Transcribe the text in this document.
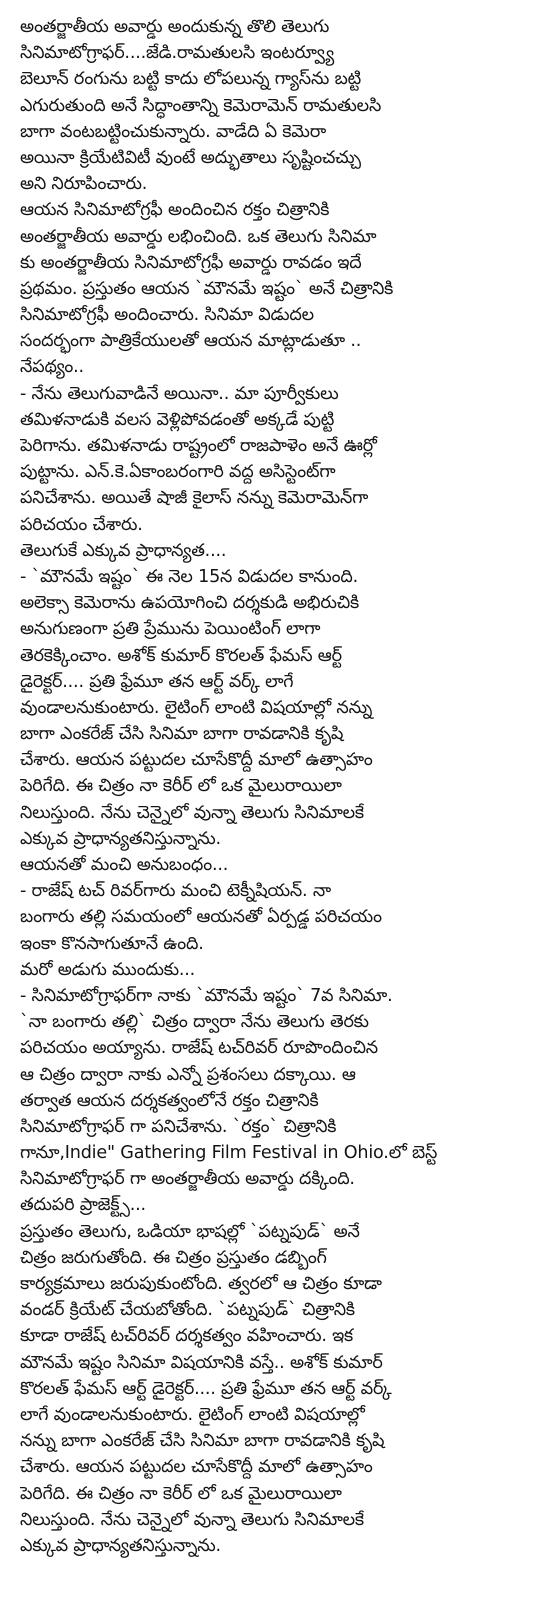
అంతర్జాతీయ అవార్డు అందుకున్న తొలి తెలుగు
సినిమాటోగ్రాఫర్....జేడి.రామతులసి ఇంటర్వ్యూ
బెలూన్ రంగును బట్టి కాదు లోపలున్న గ్యాస్‌ను బట్టి
ఎగురుతుంది అనే సిద్ధాంతాన్ని కెమెరామెన్ రామతులసి
బాగా వంటబట్టించుకున్నారు. వాడేది ఏ కెమెరా
అయినా క్రియేటివిటీ వుంటే అద్భుతాలు సృష్టించచ్చు
అని నిరూపించారు.
ఆయన సినిమాటోగ్రఫీ అందించిన రక్తం చిత్రానికి
అంతర్జాతీయ అవార్డు లభించింది. ఒక తెలుగు సినిమా
కు అంతర్జాతీయ సినిమాటోగ్రఫీ అవార్డు రావడం ఇదే
ప్రథమం. ప్రస్తుతం ఆయన `మౌనమే ఇష్టం` అనే చిత్రానికి
సినిమాటోగ్రఫీ అందించారు. సినిమా విడుదల
సందర్భంగా పాత్రికేయులతో ఆయన మాట్లాడుతూ ..
నేపథ్యం..
- నేను తెలుగువాడినే అయినా.. మా పూర్వీకులు
తమిళనాడుకి వలస వెళ్లిపోవడంతో అక్కడే పుట్టి
పెరిగాను. తమిళనాడు రాష్ట్రంలో రాజపాళెం అనే ఊర్లో
పుట్టాను. ఎన్.కె.ఏకాంబరంగారి వద్ద అసిస్టెంట్‌గా
పనిచేశాను. అయితే షాజీ కైలాస్ నన్ను కెమెరామెన్‌గా
పరిచయం చేశారు.
తెలుగుకే ఎక్కువ ప్రాధాన్యత....
- `మౌనమే ఇష్టం` ఈ నెల 15న విడుదల కానుంది.
అలెక్సా కెమెరాను ఉపయోగించి దర్శకుడి అభిరుచికి
అనుగుణంగా ప్రతి ప్రేమును పెయింటింగ్ లాగా
తెరకెక్కించాం. అశోక్ కుమార్ కొరలత్ ఫేమస్ ఆర్ట్
డైరెక్టర్.... ప్రతి ఫ్రేమూ తన ఆర్ట్ వర్క్ లాగే
వుండాలనుకుంటారు. లైటింగ్ లాంటి విషయాల్లో నన్ను
బాగా ఎంకరేజ్ చేసి సినిమా బాగా రావడానికి కృషి
చేశారు. ఆయన పట్టుదల చూసేకొద్దీ మాలో ఉత్సాహం
పెరిగేది. ఈ చిత్రం నా కెరీర్ లో ఒక మైలురాయిలా
నిలుస్తుంది. నేను చెన్నైలో వున్నా తెలుగు సినిమాలకే
ఎక్కువ ప్రాధాన్యతనిస్తున్నాను.
ఆయనతో మంచి అనుబంధం...
- రాజేష్ టచ్ రివర్‌గారు మంచి టెక్నీషియన్. నా
బంగారు తల్లి సమయంలో ఆయనతో ఏర్పడ్డ పరిచయం
ఇంకా కొనసాగుతూనే ఉంది.
మరో అడుగు ముందుకు...
- సినిమాటోగ్రాఫర్‌గా నాకు `మౌనమే ఇష్టం` 7వ సినిమా.
`నా బంగారు తల్లి` చిత్రం ద్వారా నేను తెలుగు తెరకు
పరిచయం అయ్యాను. రాజేష్ టచ్‌రివర్ రూపొందించిన
ఆ చిత్రం ద్వారా నాకు ఎన్నో ప్రశంసలు దక్కాయి. ఆ
తర్వాత ఆయన దర్శకత్వంలోనే రక్తం చిత్రానికి
సినిమాటోగ్రాఫర్ గా పనిచేశాను. `రక్తం` చిత్రానికి
గానూ,Indie" Gathering Film Festival in Ohio.లో బెస్ట్
సినిమాటోగ్రాఫర్ గా అంతర్జాతీయ అవార్డు దక్కింది.
తదుపరి ప్రాజెక్ట్స్...
ప్రస్తుతం తెలుగు, ఒడియా భాషల్లో `పట్నపుడ్` అనే
చిత్రం జరుగుతోంది. ఈ చిత్రం ప్రస్తుతం డబ్బింగ్
కార్యక్రమాలు జరుపుకుంటోంది. త్వరలో ఆ చిత్రం కూడా
వండర్ క్రియేట్ చేయబోతోంది. `పట్నపుడ్` చిత్రానికి
కూడా రాజేష్ టచ్‌రివర్ దర్శకత్వం వహించారు. ఇక
మౌనమే ఇష్టం సినిమా విషయానికి వస్తే.. అశోక్ కుమార్
కొరలత్ ఫేమస్ ఆర్ట్ డైరెక్టర్.... ప్రతి ఫ్రేమూ తన ఆర్ట్ వర్క్
లాగే వుండాలనుకుంటారు. లైటింగ్ లాంటి విషయాల్లో
నన్ను బాగా ఎంకరేజ్ చేసి సినిమా బాగా రావడానికి కృషి
చేశారు. ఆయన పట్టుదల చూసేకొద్దీ మాలో ఉత్సాహం
పెరిగేది. ఈ చిత్రం నా కెరీర్ లో ఒక మైలురాయిలా
నిలుస్తుంది. నేను చెన్నైలో వున్నా తెలుగు సినిమాలకే
ఎక్కువ ప్రాధాన్యతనిస్తున్నాను.
